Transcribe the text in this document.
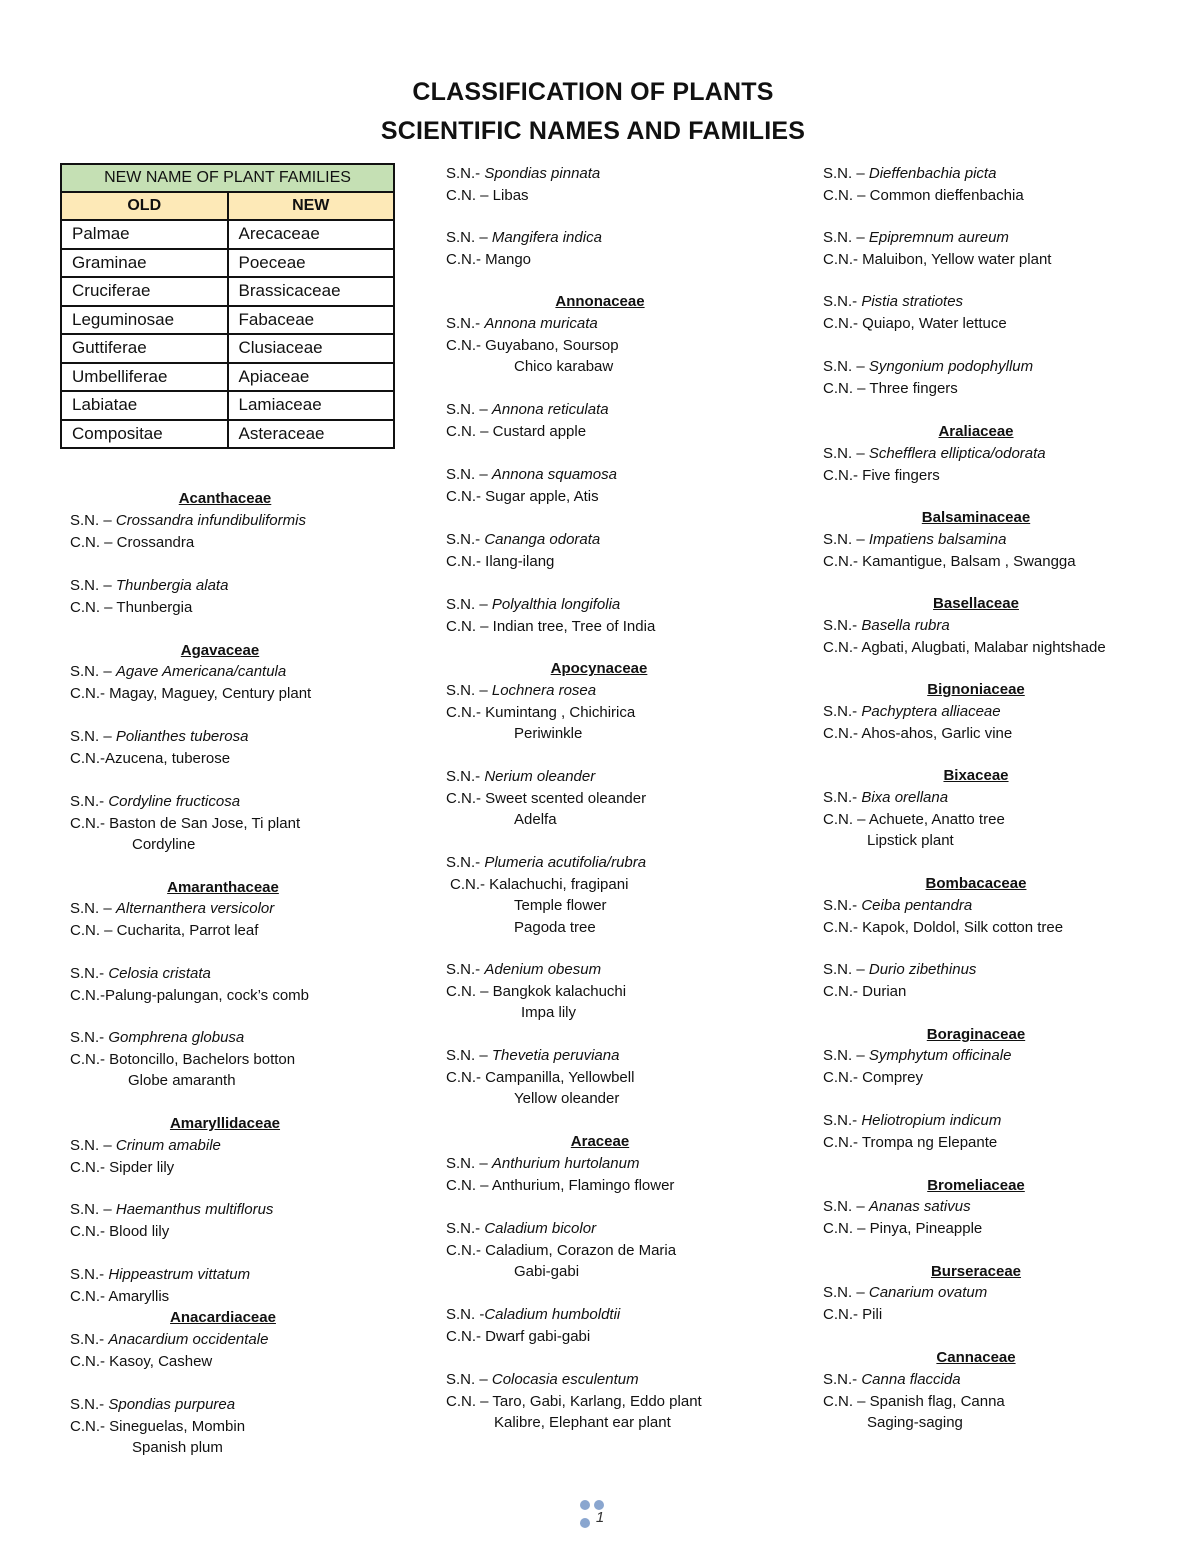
CLASSIFICATION OF PLANTS
SCIENTIFIC NAMES AND FAMILIES
NEW NAME OF PLANT FAMILIES	
OLD	NEW
Palmae	Arecaceae
Graminae	Poeceae
Cruciferae	Brassicaceae
Leguminosae	Fabaceae
Guttiferae	Clusiaceae
Umbelliferae	Apiaceae
Labiatae	Lamiaceae
Compositae	Asteraceae
Acanthaceae
S.N. – Crossandra infundibuliformis
C.N. – Crossandra
S.N. – Thunbergia alata
C.N. – Thunbergia
Agavaceae
S.N. – Agave Americana/cantula
C.N.- Magay, Maguey, Century plant
S.N. – Polianthes tuberosa
C.N.-Azucena, tuberose
S.N.- Cordyline fructicosa
C.N.- Baston de San Jose, Ti plant
Cordyline
Amaranthaceae
S.N. – Alternanthera versicolor
C.N. – Cucharita, Parrot leaf
S.N.- Celosia cristata
C.N.-Palung-palungan, cock’s comb
S.N.- Gomphrena globusa
C.N.- Botoncillo, Bachelors botton
Globe amaranth
Amaryllidaceae
S.N. – Crinum amabile
C.N.- Sipder lily
S.N. – Haemanthus multiflorus
C.N.- Blood lily
S.N.- Hippeastrum vittatum
C.N.- Amaryllis
Anacardiaceae
S.N.- Anacardium occidentale
C.N.- Kasoy, Cashew
S.N.- Spondias purpurea
C.N.- Sineguelas, Mombin
Spanish plum
S.N.- Spondias pinnata
C.N. – Libas
S.N. – Mangifera indica
C.N.- Mango
Annonaceae
S.N.- Annona muricata
C.N.- Guyabano, Soursop
Chico karabaw
S.N. – Annona reticulata
C.N. – Custard apple
S.N. – Annona squamosa
C.N.- Sugar apple, Atis
S.N.- Cananga odorata
C.N.- Ilang-ilang
S.N. – Polyalthia longifolia
C.N. – Indian tree, Tree of India
Apocynaceae
S.N. – Lochnera rosea
C.N.- Kumintang , Chichirica
Periwinkle
S.N.- Nerium oleander
C.N.- Sweet scented oleander
Adelfa
S.N.- Plumeria acutifolia/rubra
C.N.- Kalachuchi, fragipani
Temple flower
Pagoda tree
S.N.- Adenium obesum
C.N. – Bangkok kalachuchi
Impa lily
S.N. – Thevetia peruviana
C.N.- Campanilla, Yellowbell
Yellow oleander
Araceae
S.N. – Anthurium hurtolanum
C.N. – Anthurium, Flamingo flower
S.N.- Caladium bicolor
C.N.- Caladium, Corazon de Maria
Gabi-gabi
S.N. -Caladium humboldtii
C.N.- Dwarf gabi-gabi
S.N. – Colocasia esculentum
C.N. – Taro, Gabi, Karlang, Eddo plant
Kalibre, Elephant ear plant
S.N. – Dieffenbachia picta
C.N. – Common dieffenbachia
S.N. – Epipremnum aureum
C.N.- Maluibon, Yellow water plant
S.N.- Pistia stratiotes
C.N.- Quiapo, Water lettuce
S.N. – Syngonium podophyllum
C.N. – Three fingers
Araliaceae
S.N. – Schefflera elliptica/odorata
C.N.- Five fingers
Balsaminaceae
S.N. – Impatiens balsamina
C.N.- Kamantigue, Balsam , Swangga
Basellaceae
S.N.- Basella rubra
C.N.- Agbati, Alugbati, Malabar nightshade
Bignoniaceae
S.N.- Pachyptera alliaceae
C.N.- Ahos-ahos, Garlic vine
Bixaceae
S.N.- Bixa orellana
C.N. – Achuete, Anatto tree
Lipstick plant
Bombacaceae
S.N.- Ceiba pentandra
C.N.- Kapok, Doldol, Silk cotton tree
S.N. – Durio zibethinus
C.N.- Durian
Boraginaceae
S.N. – Symphytum officinale
C.N.- Comprey
S.N.- Heliotropium indicum
C.N.- Trompa ng Elepante
Bromeliaceae
S.N. – Ananas sativus
C.N. – Pinya, Pineapple
Burseraceae
S.N. – Canarium ovatum
C.N.- Pili
Cannaceae
S.N.- Canna flaccida
C.N. – Spanish flag, Canna
Saging-saging
1
